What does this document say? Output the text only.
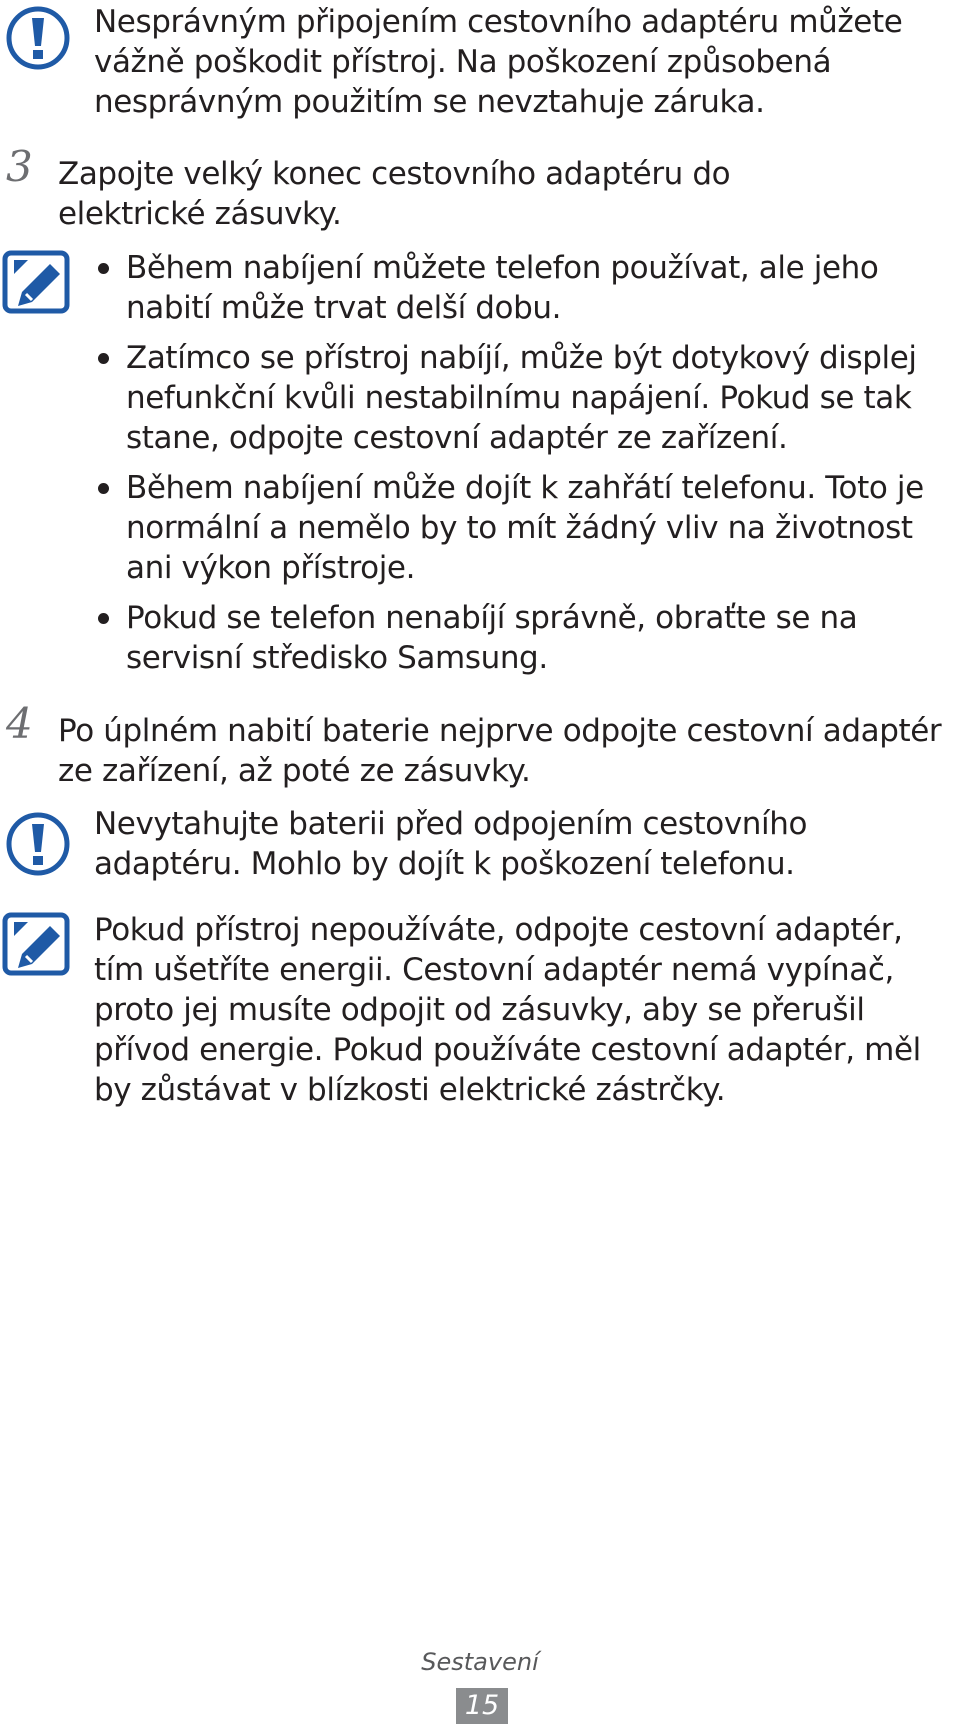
Nesprávným připojením cestovního adaptéru můžete vážně poškodit přístroj. Na poškození způsobená nesprávným použitím se nevztahuje záruka.

3 Zapojte velký konec cestovního adaptéru do elektrické zásuvky.

Během nabíjení můžete telefon používat, ale jeho nabití může trvat delší dobu.
Zatímco se přístroj nabíjí, může být dotykový displej nefunkční kvůli nestabilnímu napájení. Pokud se tak stane, odpojte cestovní adaptér ze zařízení.
Během nabíjení může dojít k zahřátí telefonu. Toto je normální a nemělo by to mít žádný vliv na životnost ani výkon přístroje.
Pokud se telefon nenabíjí správně, obraťte se na servisní středisko Samsung.
4 Po úplném nabití baterie nejprve odpojte cestovní adaptér ze zařízení, až poté ze zásuvky.

Nevytahujte baterii před odpojením cestovního adaptéru. Mohlo by dojít k poškození telefonu.

Pokud přístroj nepoužíváte, odpojte cestovní adaptér, tím ušetříte energii. Cestovní adaptér nemá vypínač, proto jej musíte odpojit od zásuvky, aby se přerušil přívod energie. Pokud používáte cestovní adaptér, měl by zůstávat v blízkosti elektrické zástrčky.

Sestavení

15
